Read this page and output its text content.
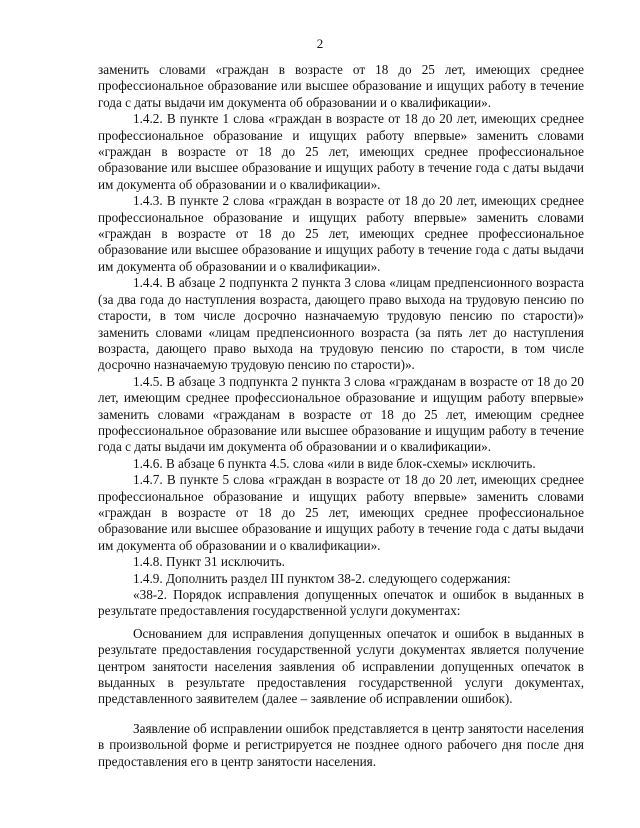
2

заменить словами «граждан в возрасте от 18 до 25 лет, имеющих среднее профессиональное образование или высшее образование и ищущих работу в течение года с даты выдачи им документа об образовании и о квалификации».

1.4.2. В пункте 1 слова «граждан в возрасте от 18 до 20 лет, имеющих среднее профессиональное образование и ищущих работу впервые» заменить словами «граждан в возрасте от 18 до 25 лет, имеющих среднее профессиональное образование или высшее образование и ищущих работу в течение года с даты выдачи им документа об образовании и о квалификации».

1.4.3. В пункте 2 слова «граждан в возрасте от 18 до 20 лет, имеющих среднее профессиональное образование и ищущих работу впервые» заменить словами «граждан в возрасте от 18 до 25 лет, имеющих среднее профессиональное образование или высшее образование и ищущих работу в течение года с даты выдачи им документа об образовании и о квалификации».

1.4.4. В абзаце 2 подпункта 2 пункта 3 слова «лицам предпенсионного возраста (за два года до наступления возраста, дающего право выхода на трудовую пенсию по старости, в том числе досрочно назначаемую трудовую пенсию по старости)» заменить словами «лицам предпенсионного возраста (за пять лет до наступления возраста, дающего право выхода на трудовую пенсию по старости, в том числе досрочно назначаемую трудовую пенсию по старости)».

1.4.5. В абзаце 3 подпункта 2 пункта 3 слова «гражданам в возрасте от 18 до 20 лет, имеющим среднее профессиональное образование и ищущим работу впервые» заменить словами «гражданам в возрасте от 18 до 25 лет, имеющим среднее профессиональное образование или высшее образование и ищущим работу в течение года с даты выдачи им документа об образовании и о квалификации».

1.4.6. В абзаце 6 пункта 4.5. слова «или в виде блок-схемы» исключить.

1.4.7. В пункте 5 слова «граждан в возрасте от 18 до 20 лет, имеющих среднее профессиональное образование и ищущих работу впервые» заменить словами «граждан в возрасте от 18 до 25 лет, имеющих среднее профессиональное образование или высшее образование и ищущих работу в течение года с даты выдачи им документа об образовании и о квалификации».

1.4.8. Пункт 31 исключить.

1.4.9. Дополнить раздел III пунктом 38-2. следующего содержания:

«38-2. Порядок исправления допущенных опечаток и ошибок в выданных в результате предоставления государственной услуги документах:

Основанием для исправления допущенных опечаток и ошибок в выданных в результате предоставления государственной услуги документах является получение центром занятости населения заявления об исправлении допущенных опечаток в выданных в результате предоставления государственной услуги документах, представленного заявителем (далее – заявление об исправлении ошибок).

Заявление об исправлении ошибок представляется в центр занятости населения в произвольной форме и регистрируется не позднее одного рабочего дня после дня предоставления его в центр занятости населения.
